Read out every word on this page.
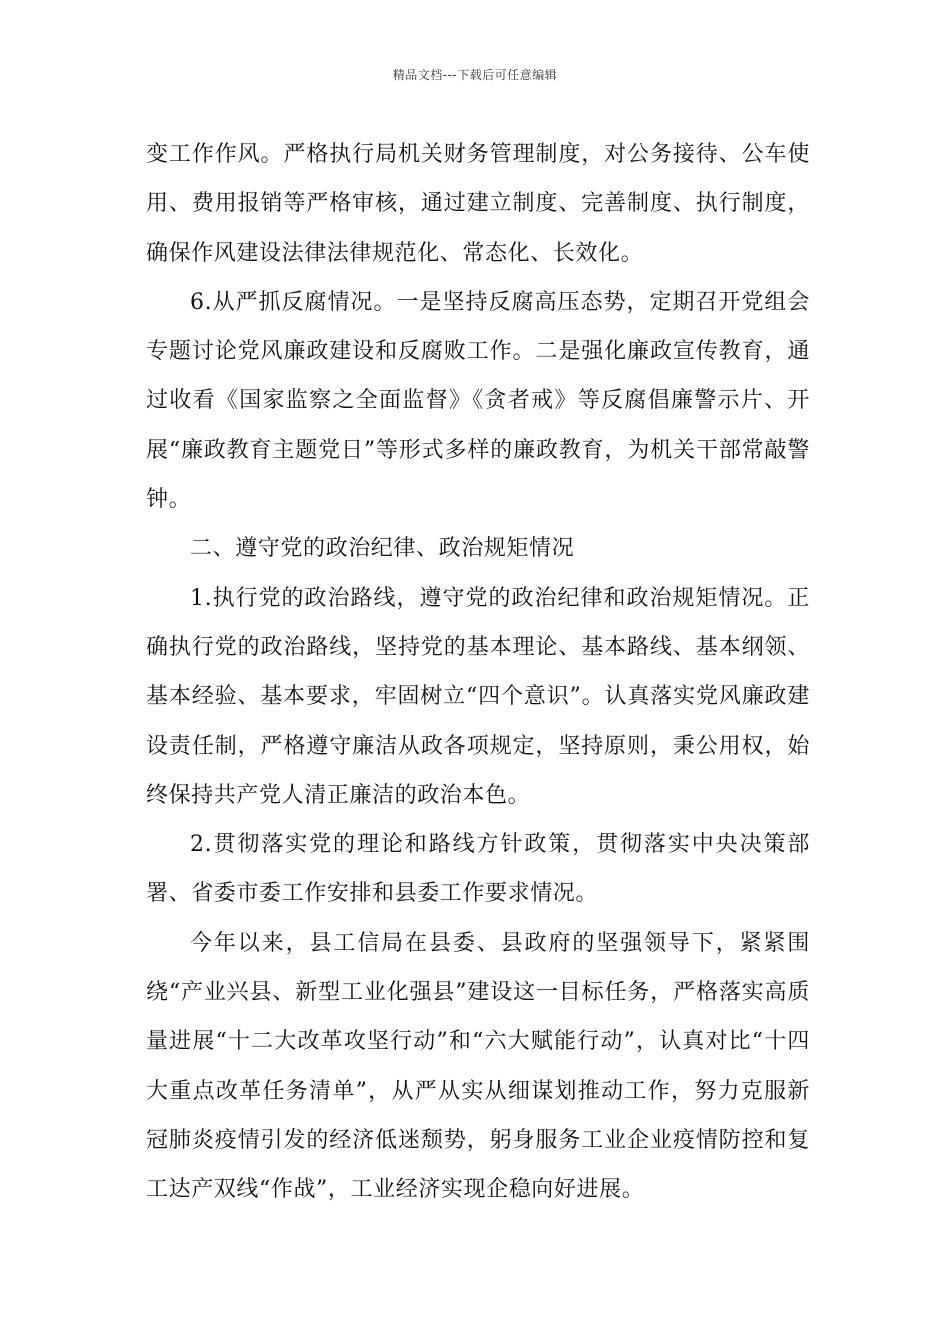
精品文档---下载后可任意编辑

变工作作风。严格执行局机关财务管理制度，对公务接待、公车使用、费用报销等严格审核，通过建立制度、完善制度、执行制度，确保作风建设法律法律规范化、常态化、长效化。

6.从严抓反腐情况。一是坚持反腐高压态势，定期召开党组会专题讨论党风廉政建设和反腐败工作。二是强化廉政宣传教育，通过收看《国家监察之全面监督》《贪者戒》等反腐倡廉警示片、开展“廉政教育主题党日”等形式多样的廉政教育，为机关干部常敲警钟。

二、遵守党的政治纪律、政治规矩情况

1.执行党的政治路线，遵守党的政治纪律和政治规矩情况。正确执行党的政治路线，坚持党的基本理论、基本路线、基本纲领、基本经验、基本要求，牢固树立“四个意识”。认真落实党风廉政建设责任制，严格遵守廉洁从政各项规定，坚持原则，秉公用权，始终保持共产党人清正廉洁的政治本色。

2.贯彻落实党的理论和路线方针政策，贯彻落实中央决策部署、省委市委工作安排和县委工作要求情况。

今年以来，县工信局在县委、县政府的坚强领导下，紧紧围绕“产业兴县、新型工业化强县”建设这一目标任务，严格落实高质量进展“十二大改革攻坚行动”和“六大赋能行动”，认真对比“十四大重点改革任务清单”，从严从实从细谋划推动工作，努力克服新冠肺炎疫情引发的经济低迷颓势，躬身服务工业企业疫情防控和复工达产双线“作战”，工业经济实现企稳向好进展。
